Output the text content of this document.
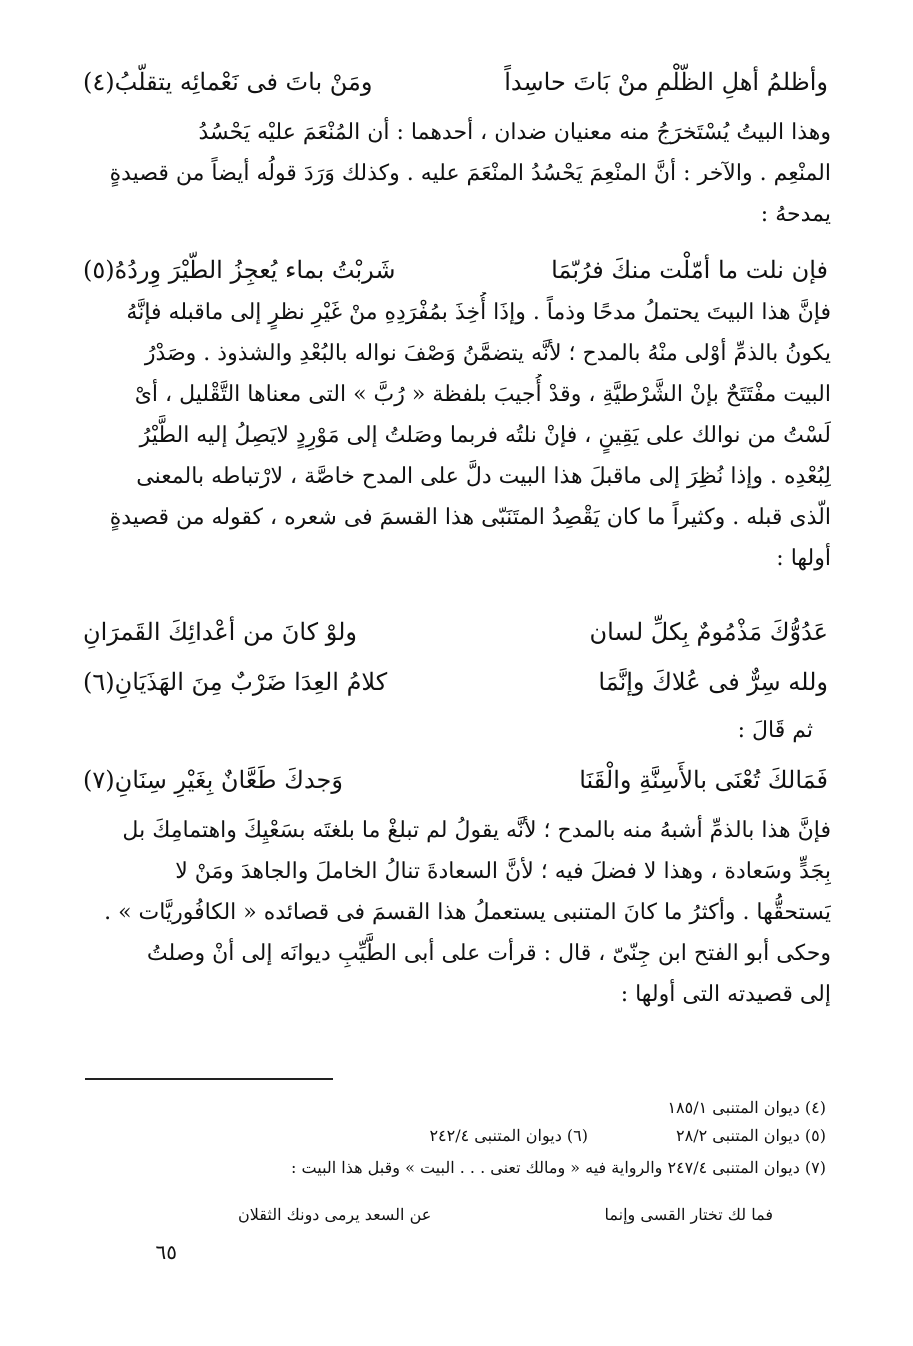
وأظلمُ أهلِ الظّلْمِ منْ بَاتَ حاسِداً
ومَنْ باتَ فى نَعْمائِه يتقلّبُ(٤)
وهذا البيتُ يُسْتَخرَجُ منه معنيان ضدان ، أحدهما : أن المُنْعَمَ عليْه يَحْسُدُ
المنْعِم . والآخر : أنَّ المنْعِمَ يَحْسُدُ المنْعَمَ عليه . وكذلك وَرَدَ قولُه أيضاً من قصيدةٍ
يمدحهُ :
فإن نلت ما أمّلْت منكَ فرُبّمَا
شَربْتُ بماء يُعجِزُ الطّيْرَ وِردُهُ(٥)
فإنَّ هذا البيتَ يحتملُ مدحًا وذماً . وإذَا أُخِذَ بمُفْرَدِهِ منْ غَيْرِ نظرٍ إلى ماقبله فإنَّهُ
يكونُ بالذمِّ أوْلى منْهُ بالمدح ؛ لأنَّه يتضمَّنُ وَصْفَ نواله بالبُعْدِ والشذوذ . وصَدْرُ
البيت مفْتَتَحٌ بإنْ الشَّرْطيَّةِ ، وقدْ أُجيبَ بلفظة « رُبَّ » التى معناها التَّقْليل ، أىْ
لَسْتُ من نوالك على يَقِينٍ ، فإنْ نلتُه فربما وصَلتُ إلى مَوْرِدٍ لايَصِلُ إليه الطَّيْرُ
لِبُعْدِه . وإذا نُظِرَ إلى ماقبلَ هذا البيت دلَّ على المدح خاصَّة ، لارْتباطه بالمعنى
الّذى قبله . وكثيراً ما كان يَقْصِدُ المتَنَبّى هذا القسمَ فى شعره ، كقوله من قصيدةٍ
أولها :
عَدُوُّكَ مَذْمُومٌ بِكلِّ لسان
ولوْ كانَ من أعْدائِكَ القَمرَانِ
ولله سِرٌّ فى عُلاكَ وإنَّمَا
كلامُ العِدَا ضَرْبٌ مِنَ الهَذَيَانِ(٦)
ثم قَالَ :
فَمَالكَ تُعْنَى بالأَسِنَّةِ والْقَنَا
وَجدكَ طَعَّانٌ بِغَيْرِ سِنَانِ(٧)
فإنَّ هذا بالذمِّ أشبهُ منه بالمدح ؛ لأنَّه يقولُ لم تبلغْ ما بلغتَه بسَعْيِكَ واهتمامِكَ بل
بِجَدٍّ وسَعادة ، وهذا لا فضلَ فيه ؛ لأنَّ السعادةَ تنالُ الخاملَ والجاهدَ ومَنْ لا
يَستحقُّها . وأكثرُ ما كانَ المتنبى يستعملُ هذا القسمَ فى قصائده « الكافُوريَّات » .
وحكى أبو الفتح ابن جِنّىّ ، قال : قرأت على أبى الطَّيِّبِ ديوانَه إلى أنْ وصلتُ
إلى قصيدته التى أولها :
(٤) ديوان المتنبى ١٨٥/١
(٥) ديوان المتنبى ٢٨/٢
(٦) ديوان المتنبى ٢٤٢/٤
(٧) ديوان المتنبى ٢٤٧/٤ والرواية فيه « ومالك تعنى . . . البيت » وقبل هذا البيت :
فما لك تختار القسى وإنما
عن السعد يرمى دونك الثقلان
٦٥
